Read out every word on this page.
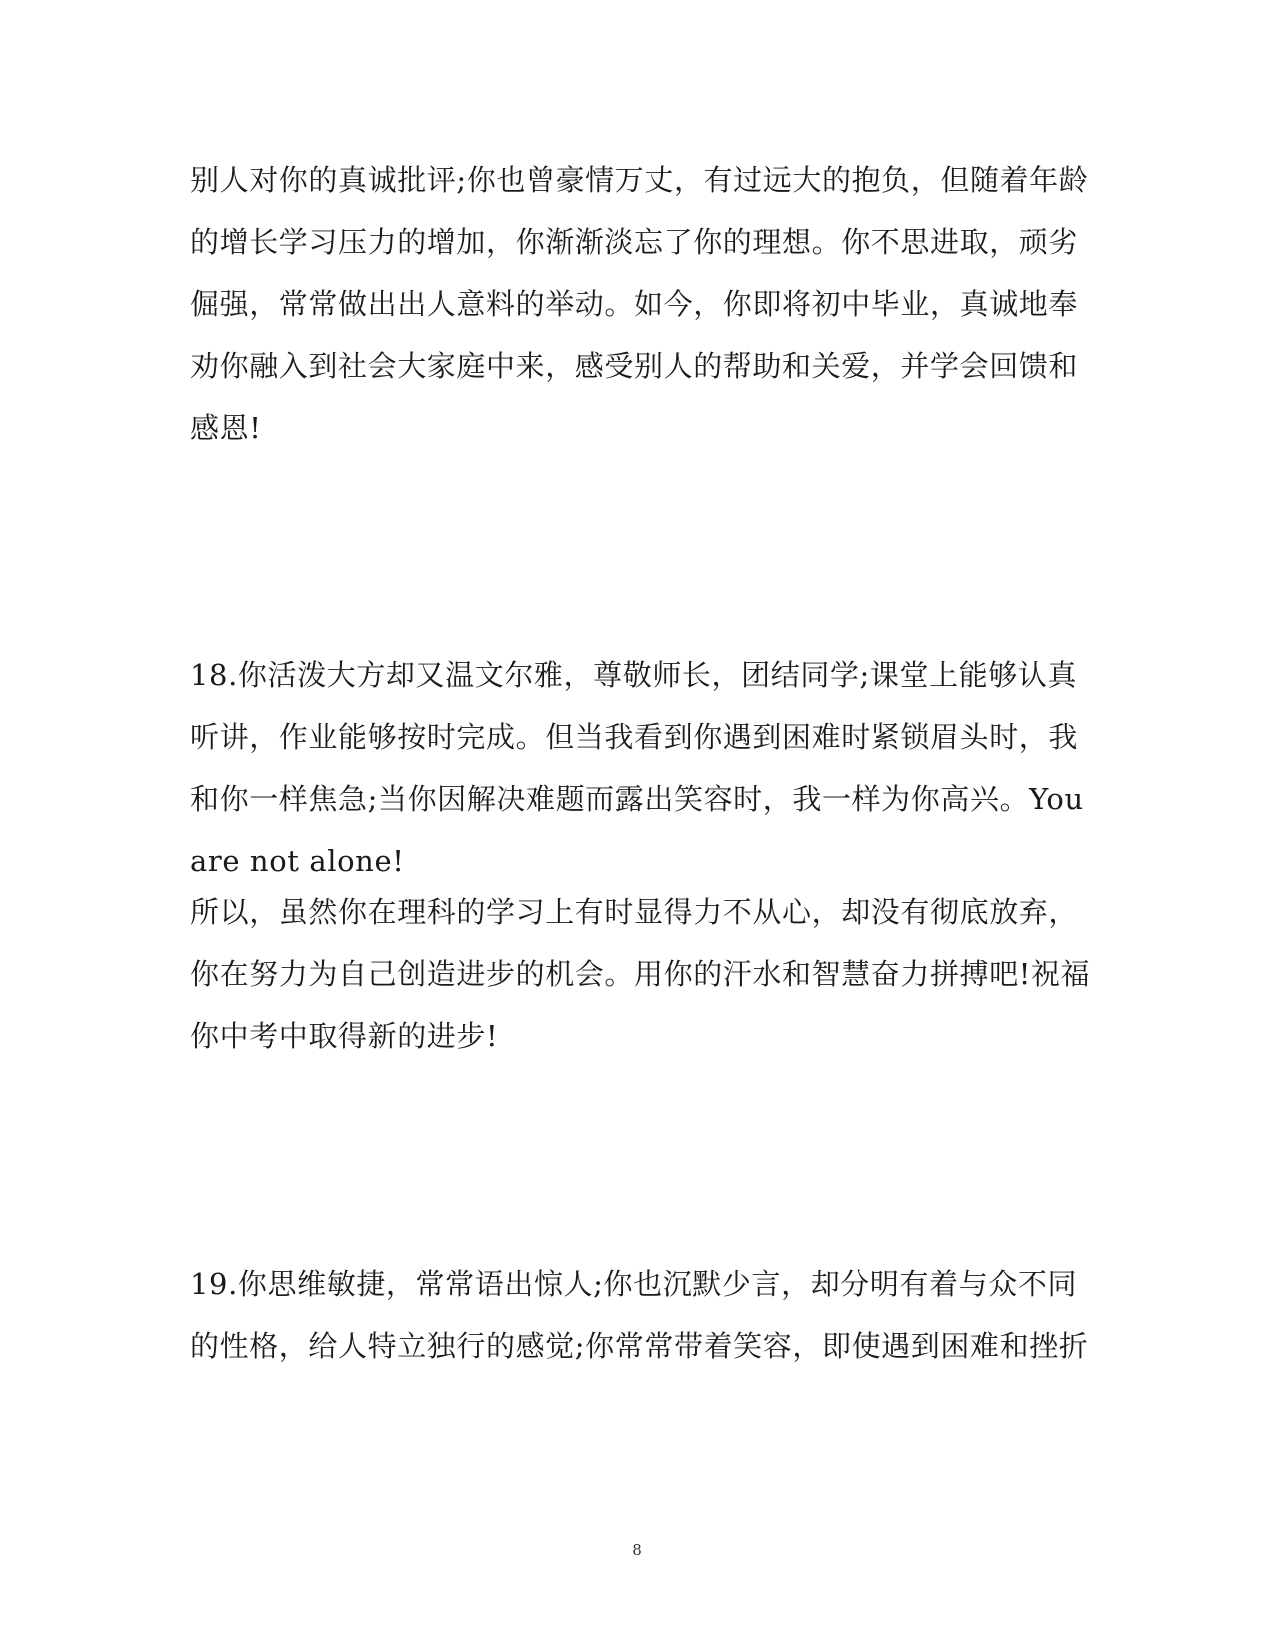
别人对你的真诚批评;你也曾豪情万丈，有过远大的抱负，但随着年龄
的增长学习压力的增加，你渐渐淡忘了你的理想。你不思进取，顽劣
倔强，常常做出出人意料的举动。如今，你即将初中毕业，真诚地奉
劝你融入到社会大家庭中来，感受别人的帮助和关爱，并学会回馈和
感恩!
18.你活泼大方却又温文尔雅，尊敬师长，团结同学;课堂上能够认真
听讲，作业能够按时完成。但当我看到你遇到困难时紧锁眉头时，我
和你一样焦急;当你因解决难题而露出笑容时，我一样为你高兴。You
are not alone!
所以，虽然你在理科的学习上有时显得力不从心，却没有彻底放弃，
你在努力为自己创造进步的机会。用你的汗水和智慧奋力拼搏吧!祝福
你中考中取得新的进步!
19.你思维敏捷，常常语出惊人;你也沉默少言，却分明有着与众不同
的性格，给人特立独行的感觉;你常常带着笑容，即使遇到困难和挫折
8
